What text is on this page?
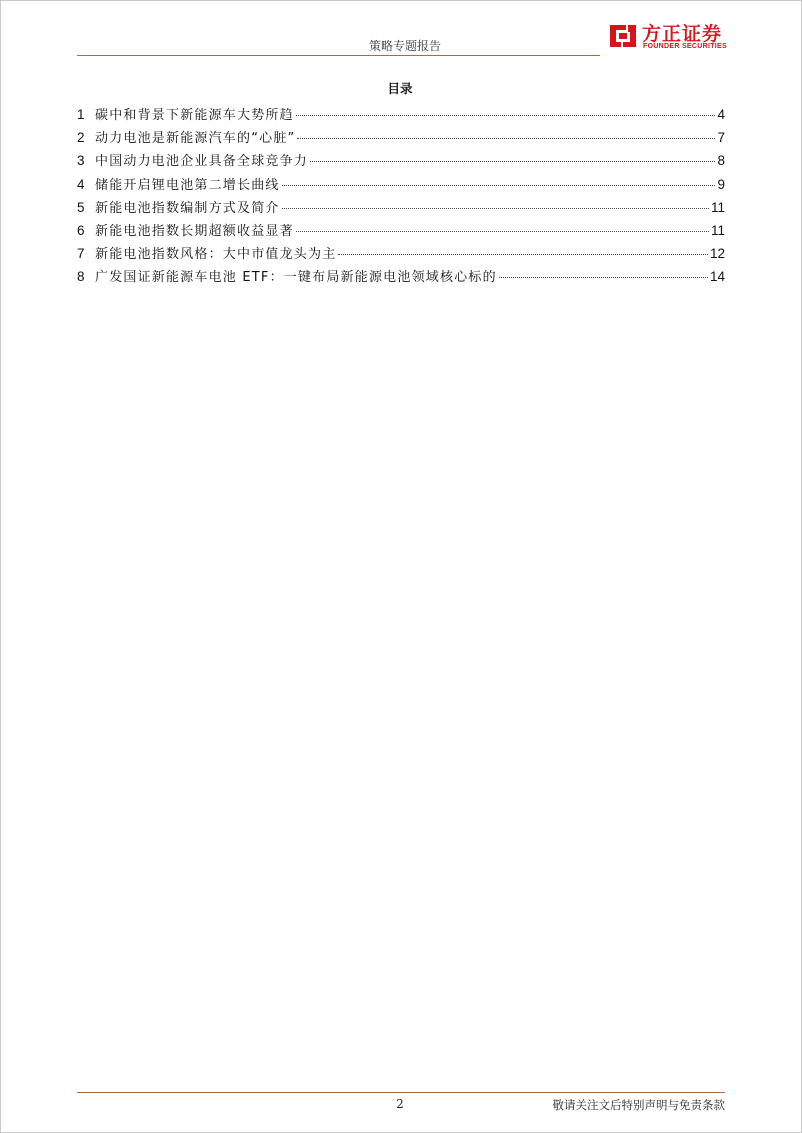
策略专题报告
方正证券
FOUNDER SECURITIES
目录
1 碳中和背景下新能源车大势所趋	4
2 动力电池是新能源汽车的“心脏”	7
3 中国动力电池企业具备全球竞争力	8
4 储能开启锂电池第二增长曲线	9
5 新能电池指数编制方式及简介	11
6 新能电池指数长期超额收益显著	11
7 新能电池指数风格：大中市值龙头为主	12
8 广发国证新能源车电池 ETF：一键布局新能源电池领域核心标的	14
2	敬请关注文后特别声明与免责条款
